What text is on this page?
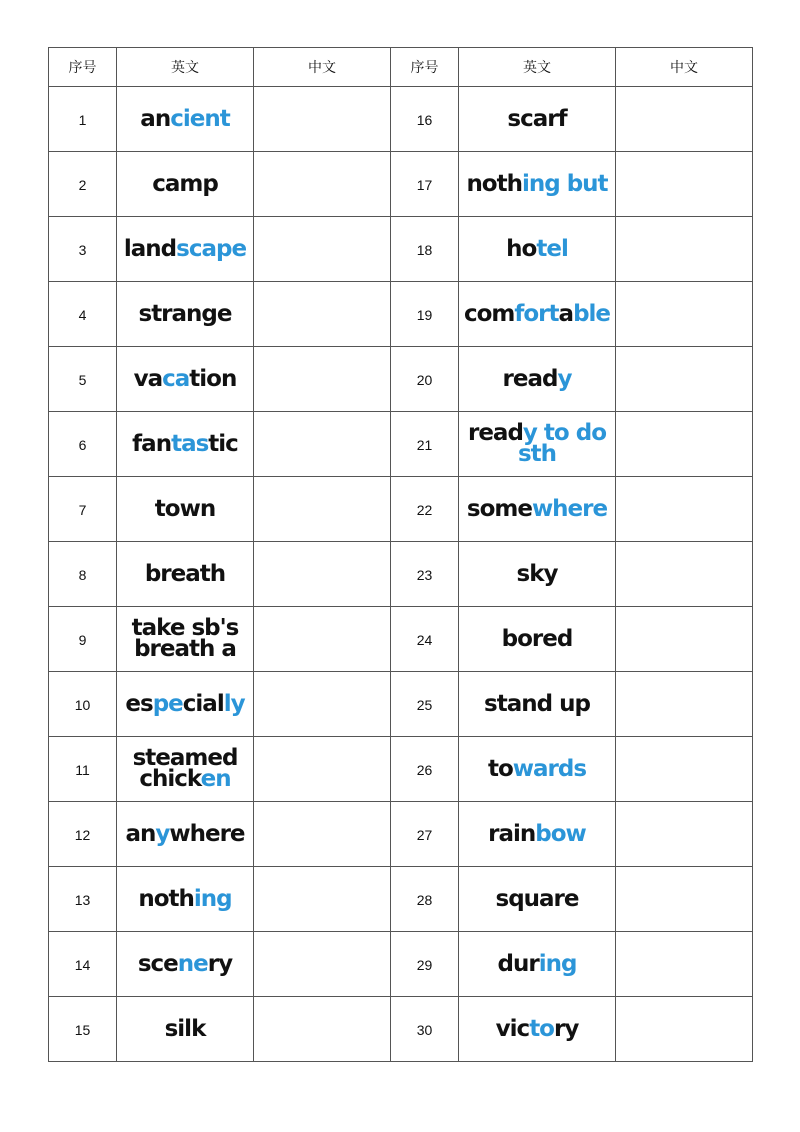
序号	英文	中文	序号	英文	中文
1	ancient		16	scarf	
2	camp		17	nothing but	
3	landscape		18	hotel	
4	strange		19	comfortable	
5	vacation		20	ready	
6	fantastic		21	ready to do sth	
7	town		22	somewhere	
8	breath		23	sky	
9	take sb's breath a		24	bored	
10	especially		25	stand up	
11	steamed chicken		26	towards	
12	anywhere		27	rainbow	
13	nothing		28	square	
14	scenery		29	during	
15	silk		30	victory	
